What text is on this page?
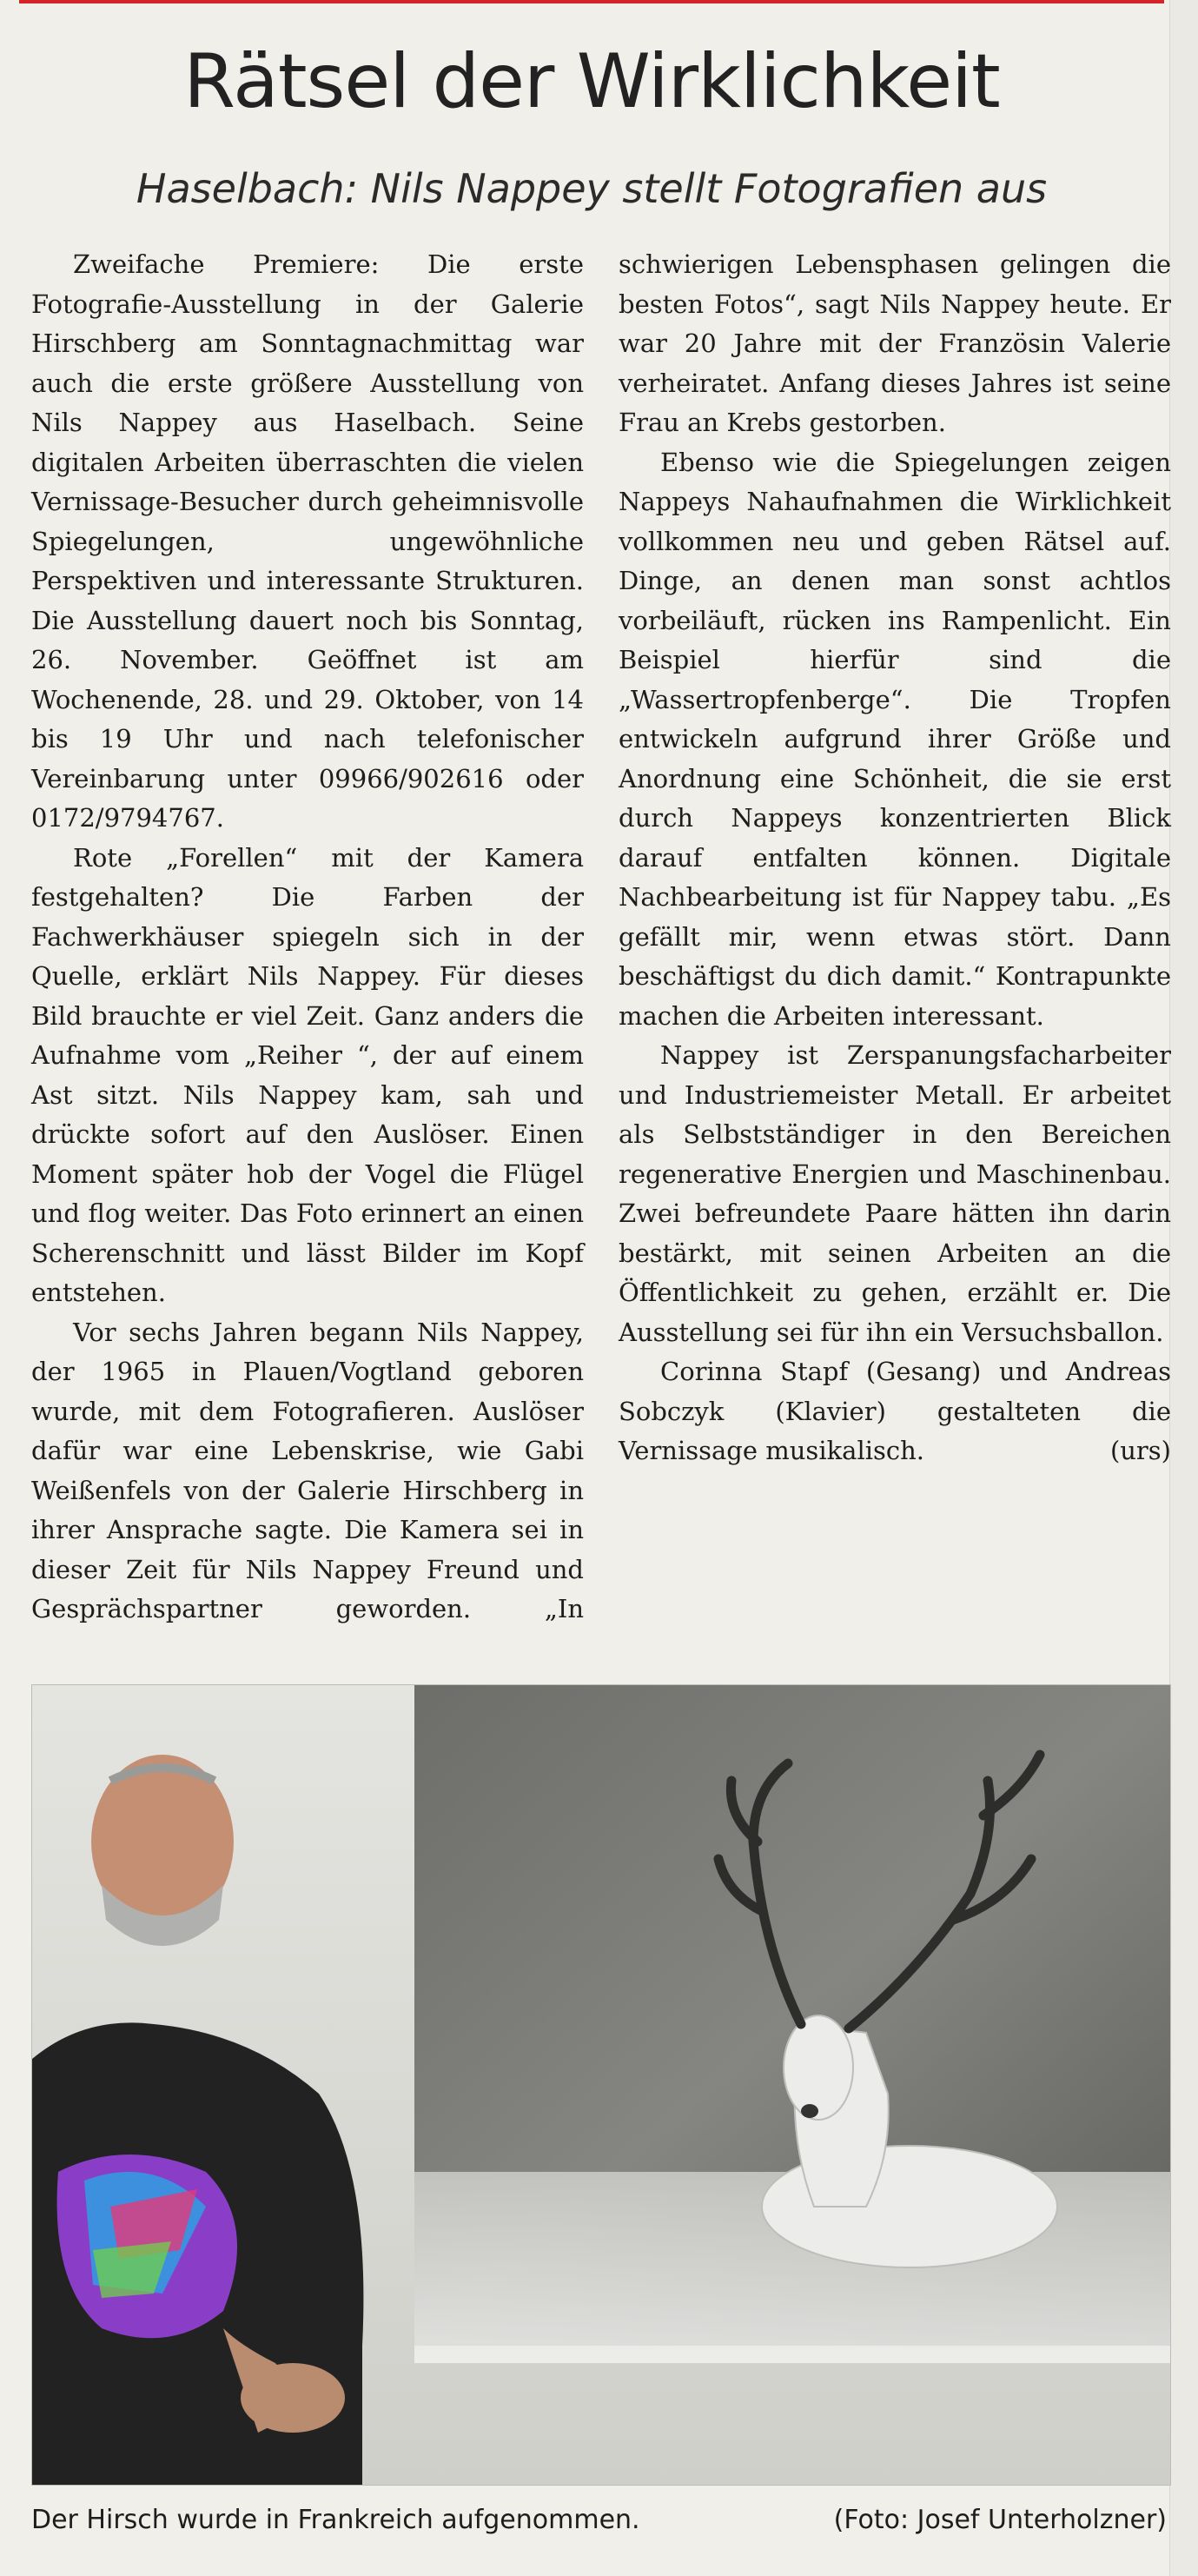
Rätsel der Wirklichkeit
Haselbach: Nils Nappey stellt Fotografien aus

Zweifache Premiere: Die erste Fotografie-Ausstellung in der Galerie Hirschberg am Sonntagnachmittag war auch die erste größere Ausstellung von Nils Nappey aus Haselbach. Seine digitalen Arbeiten überraschten die vielen Vernissage-Besucher durch geheimnisvolle Spiegelungen, ungewöhnliche Perspektiven und interessante Strukturen. Die Ausstellung dauert noch bis Sonntag, 26. November. Geöffnet ist am Wochenende, 28. und 29. Oktober, von 14 bis 19 Uhr und nach telefonischer Vereinbarung unter 09966/902616 oder 0172/9794767.

Rote „Forellen“ mit der Kamera festgehalten? Die Farben der Fachwerkhäuser spiegeln sich in der Quelle, erklärt Nils Nappey. Für dieses Bild brauchte er viel Zeit. Ganz anders die Aufnahme vom „Reiher “, der auf einem Ast sitzt. Nils Nappey kam, sah und drückte sofort auf den Auslöser. Einen Moment später hob der Vogel die Flügel und flog weiter. Das Foto erinnert an einen Scherenschnitt und lässt Bilder im Kopf entstehen.

Vor sechs Jahren begann Nils Nappey, der 1965 in Plauen/Vogtland geboren wurde, mit dem Fotografieren. Auslöser dafür war eine Lebenskrise, wie Gabi Weißenfels von der Galerie Hirschberg in ihrer Ansprache sagte. Die Kamera sei in dieser Zeit für Nils Nappey Freund und Gesprächspartner geworden. „In schwierigen Lebensphasen gelingen die besten Fotos“, sagt Nils Nappey heute. Er war 20 Jahre mit der Französin Valerie verheiratet. Anfang dieses Jahres ist seine Frau an Krebs gestorben.

Ebenso wie die Spiegelungen zeigen Nappeys Nahaufnahmen die Wirklichkeit vollkommen neu und geben Rätsel auf. Dinge, an denen man sonst achtlos vorbeiläuft, rücken ins Rampenlicht. Ein Beispiel hierfür sind die „Wassertropfenberge“. Die Tropfen entwickeln aufgrund ihrer Größe und Anordnung eine Schönheit, die sie erst durch Nappeys konzentrierten Blick darauf entfalten können. Digitale Nachbearbeitung ist für Nappey tabu. „Es gefällt mir, wenn etwas stört. Dann beschäftigst du dich damit.“ Kontrapunkte machen die Arbeiten interessant.

Nappey ist Zerspanungsfacharbeiter und Industriemeister Metall. Er arbeitet als Selbstständiger in den Bereichen regenerative Energien und Maschinenbau. Zwei befreundete Paare hätten ihn darin bestärkt, mit seinen Arbeiten an die Öffentlichkeit zu gehen, erzählt er. Die Ausstellung sei für ihn ein Versuchsballon.

Corinna Stapf (Gesang) und Andreas Sobczyk (Klavier) gestalteten die Vernissage musikalisch.	(urs)

Der Hirsch wurde in Frankreich aufgenommen.	(Foto: Josef Unterholzner)
